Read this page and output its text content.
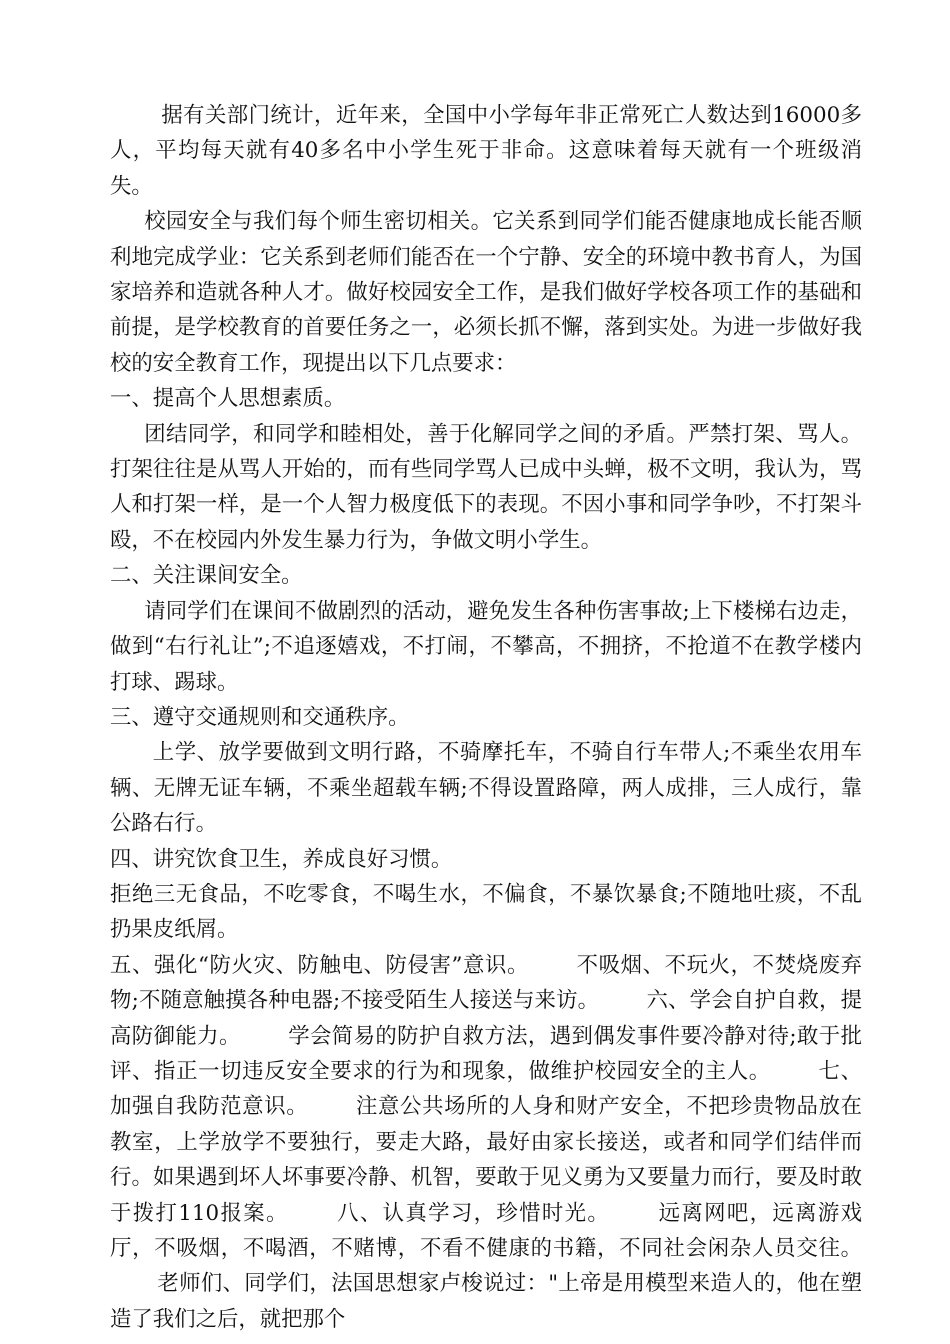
据有关部门统计，近年来，全国中小学每年非正常死亡人数达到16000多人，平均每天就有40多名中小学生死于非命。这意味着每天就有一个班级消失。

校园安全与我们每个师生密切相关。它关系到同学们能否健康地成长能否顺利地完成学业：它关系到老师们能否在一个宁静、安全的环境中教书育人，为国家培养和造就各种人才。做好校园安全工作，是我们做好学校各项工作的基础和前提，是学校教育的首要任务之一，必须长抓不懈，落到实处。为进一步做好我校的安全教育工作，现提出以下几点要求：

一、提高个人思想素质。

团结同学，和同学和睦相处，善于化解同学之间的矛盾。严禁打架、骂人。打架往往是从骂人开始的，而有些同学骂人已成中头蝉，极不文明，我认为，骂人和打架一样，是一个人智力极度低下的表现。不因小事和同学争吵，不打架斗殴，不在校园内外发生暴力行为，争做文明小学生。

二、关注课间安全。

请同学们在课间不做剧烈的活动，避免发生各种伤害事故;上下楼梯右边走，做到“右行礼让”;不追逐嬉戏，不打闹，不攀高，不拥挤，不抢道不在教学楼内打球、踢球。

三、遵守交通规则和交通秩序。

上学、放学要做到文明行路，不骑摩托车，不骑自行车带人;不乘坐农用车辆、无牌无证车辆，不乘坐超载车辆;不得设置路障，两人成排，三人成行，靠公路右行。

四、讲究饮食卫生，养成良好习惯。

拒绝三无食品，不吃零食，不喝生水，不偏食，不暴饮暴食;不随地吐痰，不乱扔果皮纸屑。

五、强化“防火灾、防触电、防侵害”意识。 不吸烟、不玩火，不焚烧废弃物;不随意触摸各种电器;不接受陌生人接送与来访。 六、学会自护自救，提高防御能力。 学会简易的防护自救方法，遇到偶发事件要冷静对待;敢于批评、指正一切违反安全要求的行为和现象，做维护校园安全的主人。 七、加强自我防范意识。 注意公共场所的人身和财产安全，不把珍贵物品放在教室，上学放学不要独行，要走大路，最好由家长接送，或者和同学们结伴而行。如果遇到坏人坏事要冷静、机智，要敢于见义勇为又要量力而行，要及时敢于拨打110报案。 八、认真学习，珍惜时光。 远离网吧，远离游戏厅，不吸烟，不喝酒，不赌博，不看不健康的书籍，不同社会闲杂人员交往。老师们、同学们，法国思想家卢梭说过："上帝是用模型来造人的，他在塑造了我们之后，就把那个
